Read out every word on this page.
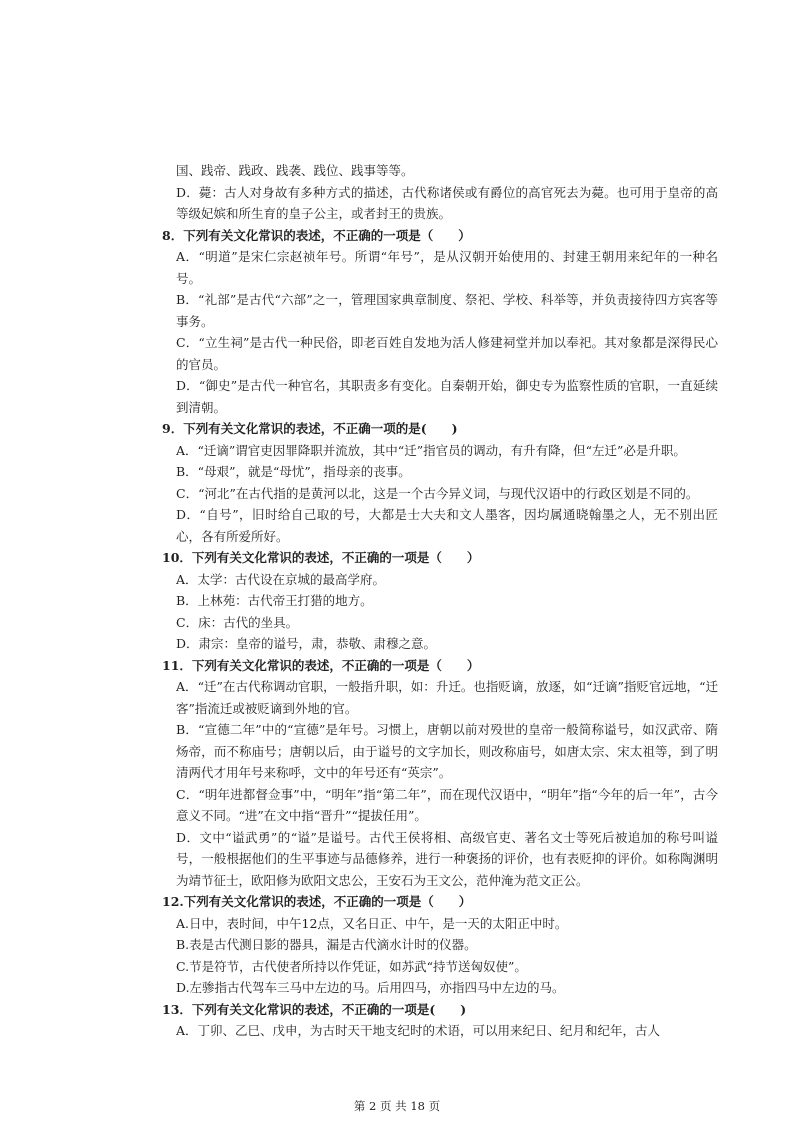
国、践帝、践政、践袭、践位、践事等等。

D．薨：古人对身故有多种方式的描述，古代称诸侯或有爵位的高官死去为薨。也可用于皇帝的高等级妃嫔和所生育的皇子公主，或者封王的贵族。

8．下列有关文化常识的表述，不正确的一项是（　　）

A．“明道”是宋仁宗赵祯年号。所谓“年号”，是从汉朝开始使用的、封建王朝用来纪年的一种名号。

B．“礼部”是古代“六部”之一，管理国家典章制度、祭祀、学校、科举等，并负责接待四方宾客等事务。

C．“立生祠”是古代一种民俗，即老百姓自发地为活人修建祠堂并加以奉祀。其对象都是深得民心的官员。

D．“御史”是古代一种官名，其职责多有变化。自秦朝开始，御史专为监察性质的官职，一直延续到清朝。

9．下列有关文化常识的表述，不正确一项的是(　　)

A．“迁谪”谓官吏因罪降职并流放，其中“迁”指官员的调动，有升有降，但“左迁”必是升职。

B．“母艰”，就是“母忧”，指母亲的丧事。

C．“河北”在古代指的是黄河以北，这是一个古今异义词，与现代汉语中的行政区划是不同的。

D．“自号”，旧时给自己取的号，大都是士大夫和文人墨客，因均属通晓翰墨之人，无不别出匠心，各有所爱所好。

10．下列有关文化常识的表述，不正确的一项是（　　）

A．太学：古代设在京城的最高学府。

B．上林苑：古代帝王打猎的地方。

C．床：古代的坐具。

D．肃宗：皇帝的谥号，肃，恭敬、肃穆之意。

11．下列有关文化常识的表述，不正确的一项是（　　）

A．“迁”在古代称调动官职，一般指升职，如：升迁。也指贬谪，放逐，如“迁谪”指贬官远地，“迁客”指流迁或被贬谪到外地的官。

B．“宣德二年”中的“宣德”是年号。习惯上，唐朝以前对殁世的皇帝一般简称谥号，如汉武帝、隋炀帝，而不称庙号；唐朝以后，由于谥号的文字加长，则改称庙号，如唐太宗、宋太祖等，到了明清两代才用年号来称呼，文中的年号还有“英宗”。

C．“明年进都督佥事”中，“明年”指“第二年”，而在现代汉语中，“明年”指“今年的后一年”，古今意义不同。“进”在文中指“晋升”“提拔任用”。

D．文中“谥武勇”的“谥”是谥号。古代王侯将相、高级官吏、著名文士等死后被追加的称号叫谥号，一般根据他们的生平事迹与品德修养，进行一种褒扬的评价，也有表贬抑的评价。如称陶渊明为靖节征士，欧阳修为欧阳文忠公，王安石为王文公，范仲淹为范文正公。

12.下列有关文化常识的表述，不正确的一项是（　　）

A.日中，表时间，中午12点，又名日正、中午，是一天的太阳正中时。

B.表是古代测日影的器具，漏是古代滴水计时的仪器。

C.节是符节，古代使者所持以作凭证，如苏武“持节送匈奴使”。

D.左骖指古代驾车三马中左边的马。后用四马，亦指四马中左边的马。

13．下列有关文化常识的表述，不正确的一项是(　　)

A．丁卯、乙巳、戊申，为古时天干地支纪时的术语，可以用来纪日、纪月和纪年，古人

第 2 页 共 18 页
